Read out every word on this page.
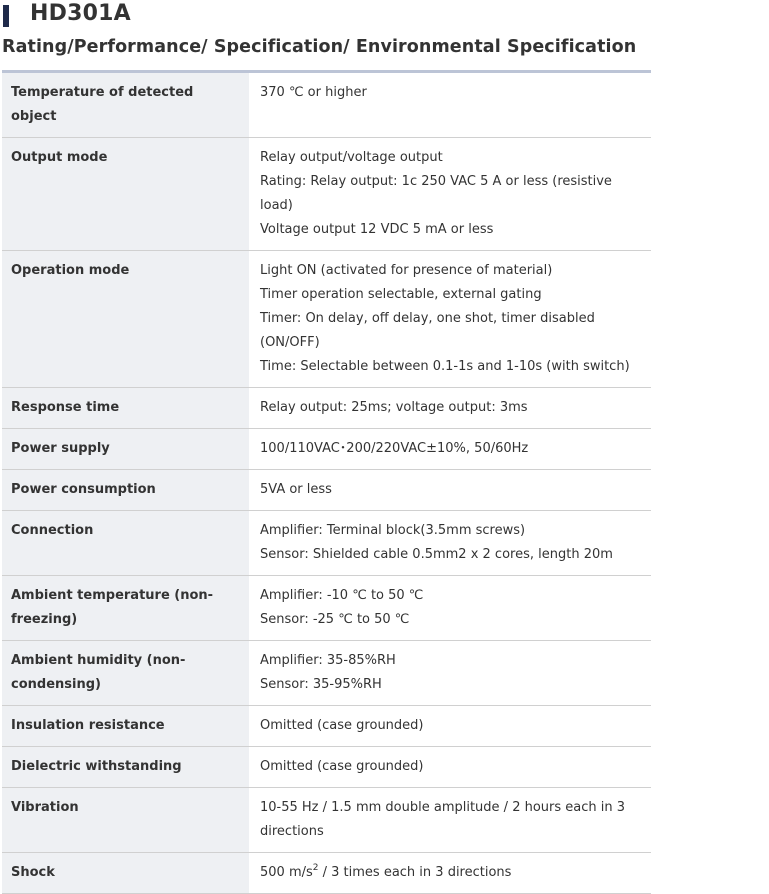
HD301A
Rating/Performance/ Specification/ Environmental Specification
Temperature of detected object	370 ℃ or higher

Output mode	Relay output/voltage output
Rating: Relay output: 1c 250 VAC 5 A or less (resistive load)
Voltage output 12 VDC 5 mA or less

Operation mode	Light ON (activated for presence of material)
Timer operation selectable, external gating
Timer: On delay, off delay, one shot, timer disabled (ON/OFF)
Time: Selectable between 0.1-1s and 1-10s (with switch)

Response time	Relay output: 25ms; voltage output: 3ms

Power supply	100/110VAC･200/220VAC±10%, 50/60Hz

Power consumption	5VA or less

Connection	Amplifier: Terminal block(3.5mm screws)
Sensor: Shielded cable 0.5mm2 x 2 cores, length 20m

Ambient temperature (non-freezing)	Amplifier: -10 ℃ to 50 ℃
Sensor: -25 ℃ to 50 ℃

Ambient humidity (non-condensing)	Amplifier: 35-85%RH
Sensor: 35-95%RH

Insulation resistance	Omitted (case grounded)

Dielectric withstanding	Omitted (case grounded)

Vibration	10-55 Hz / 1.5 mm double amplitude / 2 hours each in 3 directions

Shock	500 $m/s^2 / 3$ times each in 3 directions
